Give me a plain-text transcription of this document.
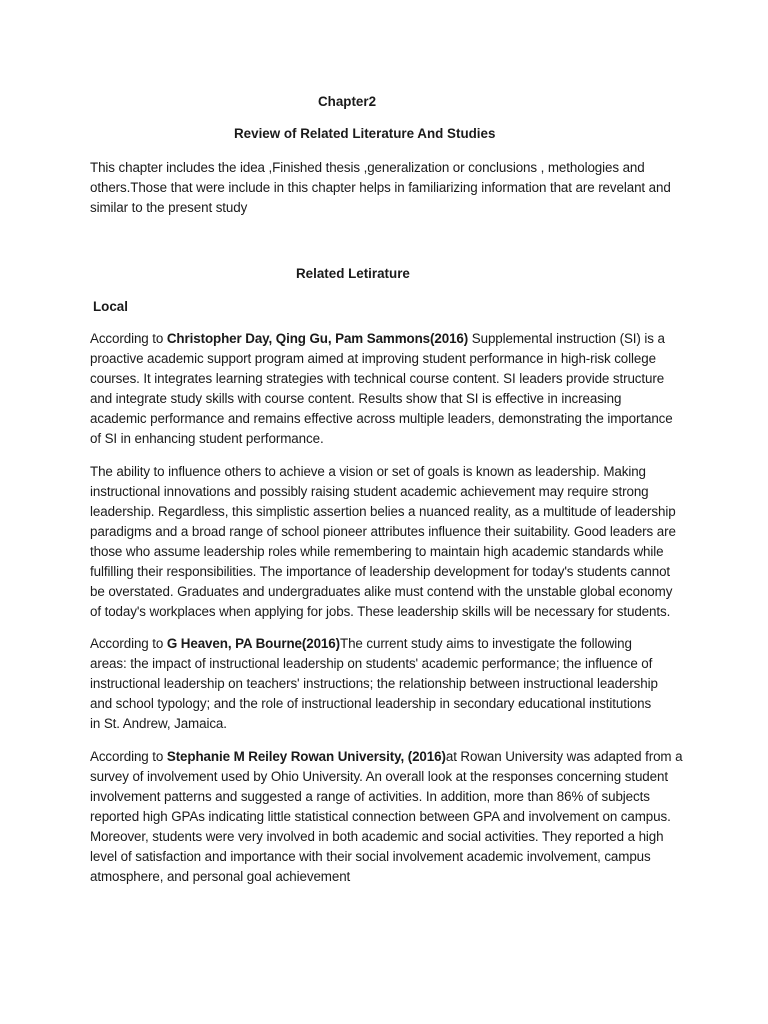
Chapter2

Review of Related Literature And Studies

This chapter includes the idea ,Finished thesis ,generalization or conclusions , methologies and others.Those that were include in this chapter helps in familiarizing information that are revelant and similar to the present study

Related Letirature

Local

According to Christopher Day, Qing Gu, Pam Sammons(2016) Supplemental instruction (SI) is a proactive academic support program aimed at improving student performance in high-risk college courses. It integrates learning strategies with technical course content. SI leaders provide structure and integrate study skills with course content. Results show that SI is effective in increasing academic performance and remains effective across multiple leaders, demonstrating the importance of SI in enhancing student performance.

The ability to influence others to achieve a vision or set of goals is known as leadership. Making instructional innovations and possibly raising student academic achievement may require strong leadership. Regardless, this simplistic assertion belies a nuanced reality, as a multitude of leadership paradigms and a broad range of school pioneer attributes influence their suitability. Good leaders are those who assume leadership roles while remembering to maintain high academic standards while fulfilling their responsibilities. The importance of leadership development for today's students cannot be overstated. Graduates and undergraduates alike must contend with the unstable global economy of today's workplaces when applying for jobs. These leadership skills will be necessary for students.

According to G Heaven, PA Bourne(2016)The current study aims to investigate the following areas: the impact of instructional leadership on students' academic performance; the influence of instructional leadership on teachers' instructions; the relationship between instructional leadership and school typology; and the role of instructional leadership in secondary educational institutions in St. Andrew, Jamaica.

According to Stephanie M Reiley Rowan University, (2016)at Rowan University was adapted from a survey of involvement used by Ohio University. An overall look at the responses concerning student involvement patterns and suggested a range of activities. In addition, more than 86% of subjects reported high GPAs indicating little statistical connection between GPA and involvement on campus. Moreover, students were very involved in both academic and social activities. They reported a high level of satisfaction and importance with their social involvement academic involvement, campus atmosphere, and personal goal achievement
